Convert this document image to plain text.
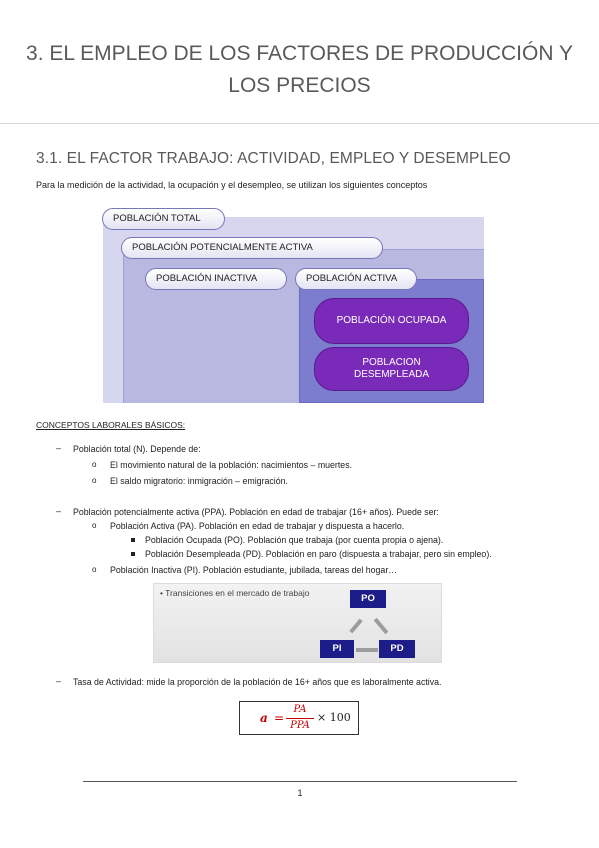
3. EL EMPLEO DE LOS FACTORES DE PRODUCCIÓN Y
LOS PRECIOS
3.1. EL FACTOR TRABAJO: ACTIVIDAD, EMPLEO Y DESEMPLEO
Para la medición de la actividad, la ocupación y el desempleo, se utilizan los siguientes conceptos
POBLACIÓN TOTAL
POBLACIÓN POTENCIALMENTE ACTIVA
POBLACIÓN INACTIVA	POBLACIÓN ACTIVA
POBLACIÓN OCUPADA
POBLACION
DESEMPLEADA
CONCEPTOS LABORALES BÁSICOS:
– Población total (N). Depende de:
o El movimiento natural de la población: nacimientos – muertes.
o El saldo migratorio: inmigración – emigración.
– Población potencialmente activa (PPA). Población en edad de trabajar (16+ años). Puede ser:
o Población Activa (PA). Población en edad de trabajar y dispuesta a hacerlo.
Población Ocupada (PO). Población que trabaja (por cuenta propia o ajena).
Población Desempleada (PD). Población en paro (dispuesta a trabajar, pero sin empleo).
o Población Inactiva (PI). Población estudiante, jubilada, tareas del hogar…
• Transiciones en el mercado de trabajo	PO
PI	PD
– Tasa de Actividad: mide la proporción de la población de 16+ años que es laboralmente activa.
a =
PA
PPA
× 100
1
